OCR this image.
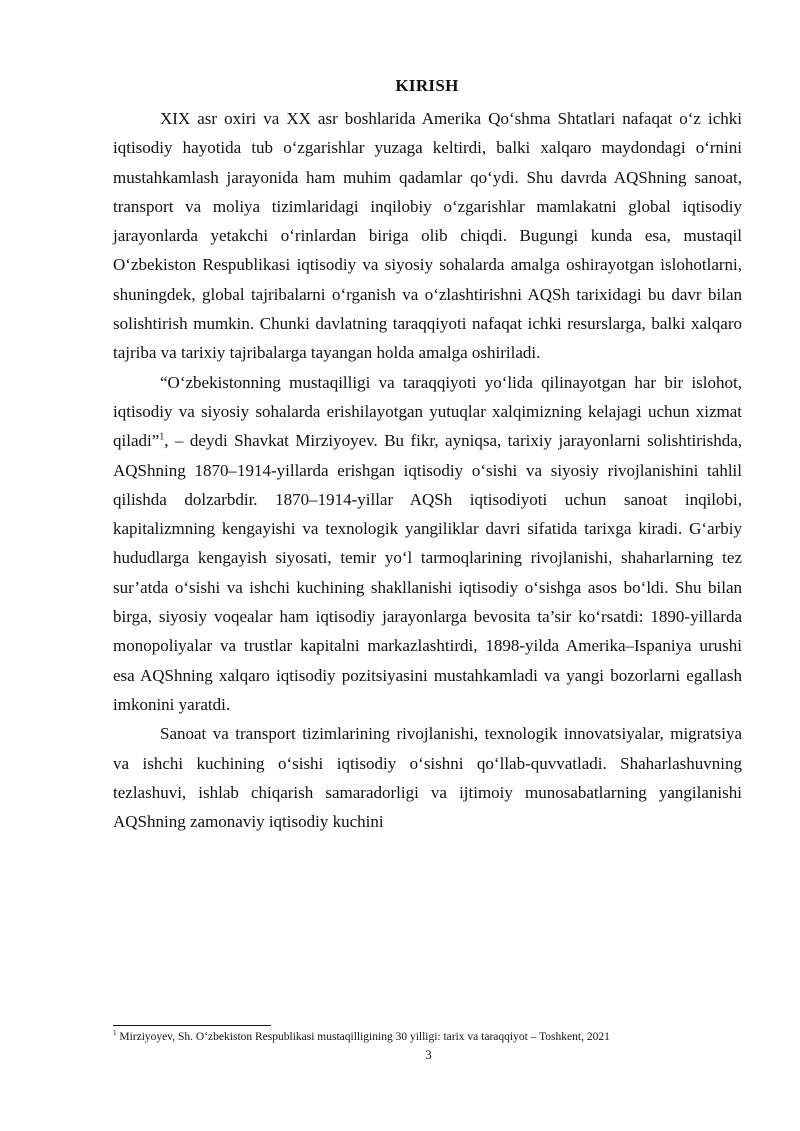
KIRISH

XIX asr oxiri va XX asr boshlarida Amerika Qo‘shma Shtatlari nafaqat o‘z ichki iqtisodiy hayotida tub o‘zgarishlar yuzaga keltirdi, balki xalqaro maydondagi o‘rnini mustahkamlash jarayonida ham muhim qadamlar qo‘ydi. Shu davrda AQShning sanoat, transport va moliya tizimlaridagi inqilobiy o‘zgarishlar mamlakatni global iqtisodiy jarayonlarda yetakchi o‘rinlardan biriga olib chiqdi. Bugungi kunda esa, mustaqil O‘zbekiston Respublikasi iqtisodiy va siyosiy sohalarda amalga oshirayotgan islohotlarni, shuningdek, global tajribalarni o‘rganish va o‘zlashtirishni AQSh tarixidagi bu davr bilan solishtirish mumkin. Chunki davlatning taraqqiyoti nafaqat ichki resurslarga, balki xalqaro tajriba va tarixiy tajribalarga tayangan holda amalga oshiriladi.

“O‘zbekistonning mustaqilligi va taraqqiyoti yo‘lida qilinayotgan har bir islohot, iqtisodiy va siyosiy sohalarda erishilayotgan yutuqlar xalqimizning kelajagi uchun xizmat qiladi”$^1$, – deydi Shavkat Mirziyoyev. Bu fikr, ayniqsa, tarixiy jarayonlarni solishtirishda, AQShning 1870–1914-yillarda erishgan iqtisodiy o‘sishi va siyosiy rivojlanishini tahlil qilishda dolzarbdir. 1870–1914-yillar AQSh iqtisodiyoti uchun sanoat inqilobi, kapitalizmning kengayishi va texnologik yangiliklar davri sifatida tarixga kiradi. G‘arbiy hududlarga kengayish siyosati, temir yo‘l tarmoqlarining rivojlanishi, shaharlarning tez sur’atda o‘sishi va ishchi kuchining shakllanishi iqtisodiy o‘sishga asos bo‘ldi. Shu bilan birga, siyosiy voqealar ham iqtisodiy jarayonlarga bevosita ta’sir ko‘rsatdi: 1890-yillarda monopoliyalar va trustlar kapitalni markazlashtirdi, 1898-yilda Amerika–Ispaniya urushi esa AQShning xalqaro iqtisodiy pozitsiyasini mustahkamladi va yangi bozorlarni egallash imkonini yaratdi.

Sanoat va transport tizimlarining rivojlanishi, texnologik innovatsiyalar, migratsiya va ishchi kuchining o‘sishi iqtisodiy o‘sishni qo‘llab-quvvatladi. Shaharlashuvning tezlashuvi, ishlab chiqarish samaradorligi va ijtimoiy munosabatlarning yangilanishi AQShning zamonaviy iqtisodiy kuchini

$^1$ Mirziyoyev, Sh. O‘zbekiston Respublikasi mustaqilligining 30 yilligi: tarix va taraqqiyot – Toshkent, 2021
3
